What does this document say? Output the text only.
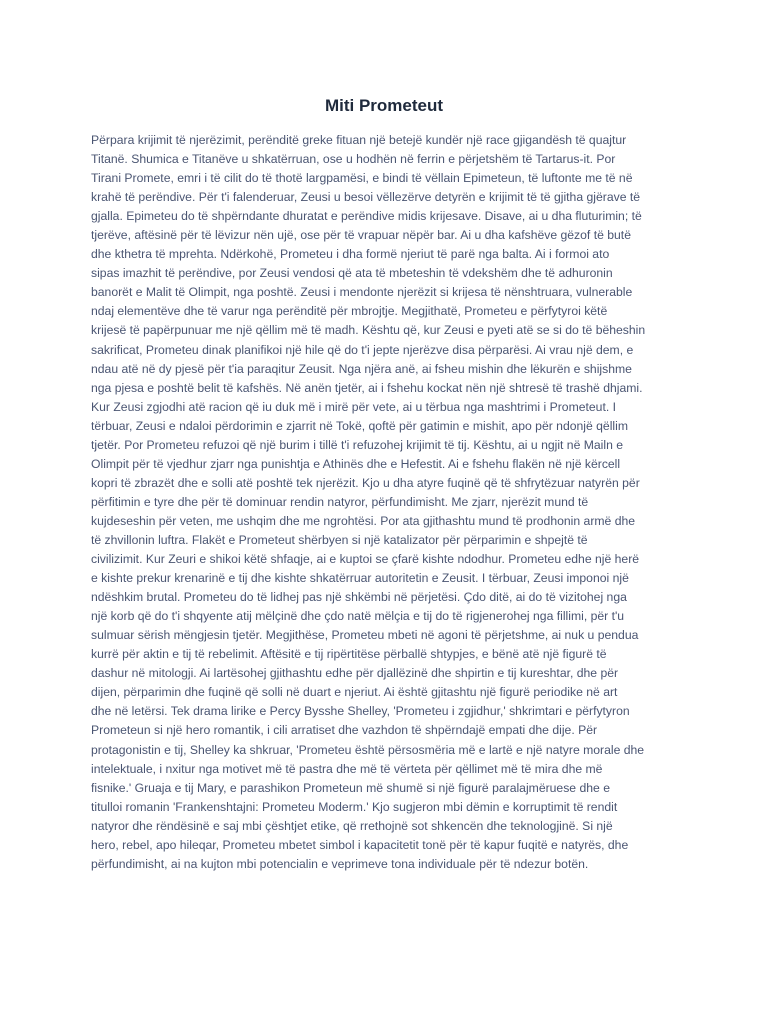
Miti Prometeut
Përpara krijimit të njerëzimit, perënditë greke fituan një betejë kundër një race gjigandësh të quajtur
Titanë. Shumica e Titanëve u shkatërruan, ose u hodhën në ferrin e përjetshëm të Tartarus-it. Por
Tirani Promete, emri i të cilit do të thotë largpamësi, e bindi të vëllain Epimeteun, të luftonte me të në
krahë të perëndive. Për t'i falenderuar, Zeusi u besoi vëllezërve detyrën e krijimit të të gjitha gjërave të
gjalla. Epimeteu do të shpërndante dhuratat e perëndive midis krijesave. Disave, ai u dha fluturimin; të
tjerëve, aftësinë për të lëvizur nën ujë, ose për të vrapuar nëpër bar. Ai u dha kafshëve gëzof të butë
dhe kthetra të mprehta. Ndërkohë, Prometeu i dha formë njeriut të parë nga balta. Ai i formoi ato
sipas imazhit të perëndive, por Zeusi vendosi që ata të mbeteshin të vdekshëm dhe të adhuronin
banorët e Malit të Olimpit, nga poshtë. Zeusi i mendonte njerëzit si krijesa të nënshtruara, vulnerable
ndaj elementëve dhe të varur nga perënditë për mbrojtje. Megjithatë, Prometeu e përfytyroi këtë
krijesë të papërpunuar me një qëllim më të madh. Kështu që, kur Zeusi e pyeti atë se si do të bëheshin
sakrificat, Prometeu dinak planifikoi një hile që do t'i jepte njerëzve disa përparësi. Ai vrau një dem, e
ndau atë në dy pjesë për t'ia paraqitur Zeusit. Nga njëra anë, ai fsheu mishin dhe lëkurën e shijshme
nga pjesa e poshtë belit të kafshës. Në anën tjetër, ai i fshehu kockat nën një shtresë të trashë dhjami.
Kur Zeusi zgjodhi atë racion që iu duk më i mirë për vete, ai u tërbua nga mashtrimi i Prometeut. I
tërbuar, Zeusi e ndaloi përdorimin e zjarrit në Tokë, qoftë për gatimin e mishit, apo për ndonjë qëllim
tjetër. Por Prometeu refuzoi që një burim i tillë t'i refuzohej krijimit të tij. Kështu, ai u ngjit në Mailn e
Olimpit për të vjedhur zjarr nga punishtja e Athinës dhe e Hefestit. Ai e fshehu flakën në një kërcell
kopri të zbrazët dhe e solli atë poshtë tek njerëzit. Kjo u dha atyre fuqinë që të shfrytëzuar natyrën për
përfitimin e tyre dhe për të dominuar rendin natyror, përfundimisht. Me zjarr, njerëzit mund të
kujdeseshin për veten, me ushqim dhe me ngrohtësi. Por ata gjithashtu mund të prodhonin armë dhe
të zhvillonin luftra. Flakët e Prometeut shërbyen si një katalizator për përparimin e shpejtë të
civilizimit. Kur Zeuri e shikoi këtë shfaqje, ai e kuptoi se çfarë kishte ndodhur. Prometeu edhe një herë
e kishte prekur krenarinë e tij dhe kishte shkatërruar autoritetin e Zeusit. I tërbuar, Zeusi imponoi një
ndëshkim brutal. Prometeu do të lidhej pas një shkëmbi në përjetësi. Çdo ditë, ai do të vizitohej nga
një korb që do t'i shqyente atij mëlçinë dhe çdo natë mëlçia e tij do të rigjenerohej nga fillimi, për t'u
sulmuar sërish mëngjesin tjetër. Megjithëse, Prometeu mbeti në agoni të përjetshme, ai nuk u pendua
kurrë për aktin e tij të rebelimit. Aftësitë e tij ripërtitëse përballë shtypjes, e bënë atë një figurë të
dashur në mitologji. Ai lartësohej gjithashtu edhe për djallëzinë dhe shpirtin e tij kureshtar, dhe për
dijen, përparimin dhe fuqinë që solli në duart e njeriut. Ai është gjitashtu një figurë periodike në art
dhe në letërsi. Tek drama lirike e Percy Bysshe Shelley, 'Prometeu i zgjidhur,' shkrimtari e përfytyron
Prometeun si një hero romantik, i cili arratiset dhe vazhdon të shpërndajë empati dhe dije. Për
protagonistin e tij, Shelley ka shkruar, 'Prometeu është përsosmëria më e lartë e një natyre morale dhe
intelektuale, i nxitur nga motivet më të pastra dhe më të vërteta për qëllimet më të mira dhe më
fisnike.' Gruaja e tij Mary, e parashikon Prometeun më shumë si një figurë paralajmëruese dhe e
titulloi romanin 'Frankenshtajni: Prometeu Moderm.' Kjo sugjeron mbi dëmin e korruptimit të rendit
natyror dhe rëndësinë e saj mbi çështjet etike, që rrethojnë sot shkencën dhe teknologjinë. Si një
hero, rebel, apo hileqar, Prometeu mbetet simbol i kapacitetit tonë për të kapur fuqitë e natyrës, dhe
përfundimisht, ai na kujton mbi potencialin e veprimeve tona individuale për të ndezur botën.
